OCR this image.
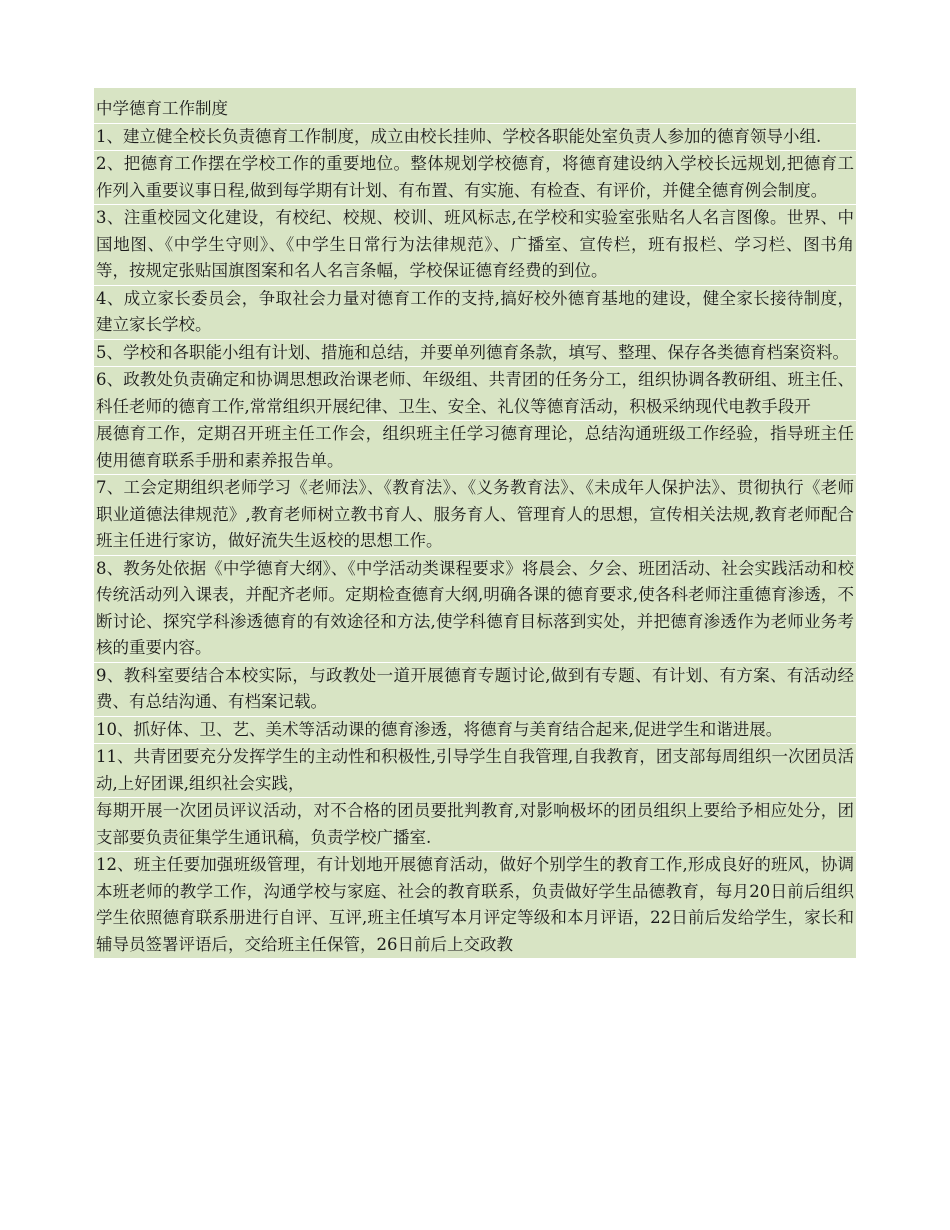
中学德育工作制度

1、建立健全校长负责德育工作制度，成立由校长挂帅、学校各职能处室负责人参加的德育领导小组.

2、把德育工作摆在学校工作的重要地位。整体规划学校德育，将德育建设纳入学校长远规划,把德育工作列入重要议事日程,做到每学期有计划、有布置、有实施、有检查、有评价，并健全德育例会制度。

3、注重校园文化建设，有校纪、校规、校训、班风标志,在学校和实验室张贴名人名言图像。世界、中国地图、《中学生守则》、《中学生日常行为法律规范》、广播室、宣传栏，班有报栏、学习栏、图书角等，按规定张贴国旗图案和名人名言条幅，学校保证德育经费的到位。

4、成立家长委员会，争取社会力量对德育工作的支持,搞好校外德育基地的建设，健全家长接待制度，建立家长学校。

5、学校和各职能小组有计划、措施和总结，并要单列德育条款，填写、整理、保存各类德育档案资料。

6、政教处负责确定和协调思想政治课老师、年级组、共青团的任务分工，组织协调各教研组、班主任、科任老师的德育工作,常常组织开展纪律、卫生、安全、礼仪等德育活动，积极采纳现代电教手段开

展德育工作，定期召开班主任工作会，组织班主任学习德育理论，总结沟通班级工作经验，指导班主任使用德育联系手册和素养报告单。

7、工会定期组织老师学习《老师法》、《教育法》、《义务教育法》、《未成年人保护法》、贯彻执行《老师职业道德法律规范》,教育老师树立教书育人、服务育人、管理育人的思想，宣传相关法规,教育老师配合班主任进行家访，做好流失生返校的思想工作。

8、教务处依据《中学德育大纲》、《中学活动类课程要求》将晨会、夕会、班团活动、社会实践活动和校传统活动列入课表，并配齐老师。定期检查德育大纲,明确各课的德育要求,使各科老师注重德育渗透，不断讨论、探究学科渗透德育的有效途径和方法,使学科德育目标落到实处，并把德育渗透作为老师业务考核的重要内容。

9、教科室要结合本校实际，与政教处一道开展德育专题讨论,做到有专题、有计划、有方案、有活动经费、有总结沟通、有档案记载。

10、抓好体、卫、艺、美术等活动课的德育渗透，将德育与美育结合起来,促进学生和谐进展。

11、共青团要充分发挥学生的主动性和积极性,引导学生自我管理,自我教育，团支部每周组织一次团员活动,上好团课,组织社会实践，

每期开展一次团员评议活动，对不合格的团员要批判教育,对影响极坏的团员组织上要给予相应处分，团支部要负责征集学生通讯稿，负责学校广播室.

12、班主任要加强班级管理，有计划地开展德育活动，做好个别学生的教育工作,形成良好的班风，协调本班老师的教学工作，沟通学校与家庭、社会的教育联系，负责做好学生品德教育，每月20日前后组织学生依照德育联系册进行自评、互评,班主任填写本月评定等级和本月评语，22日前后发给学生，家长和辅导员签署评语后，交给班主任保管，26日前后上交政教
